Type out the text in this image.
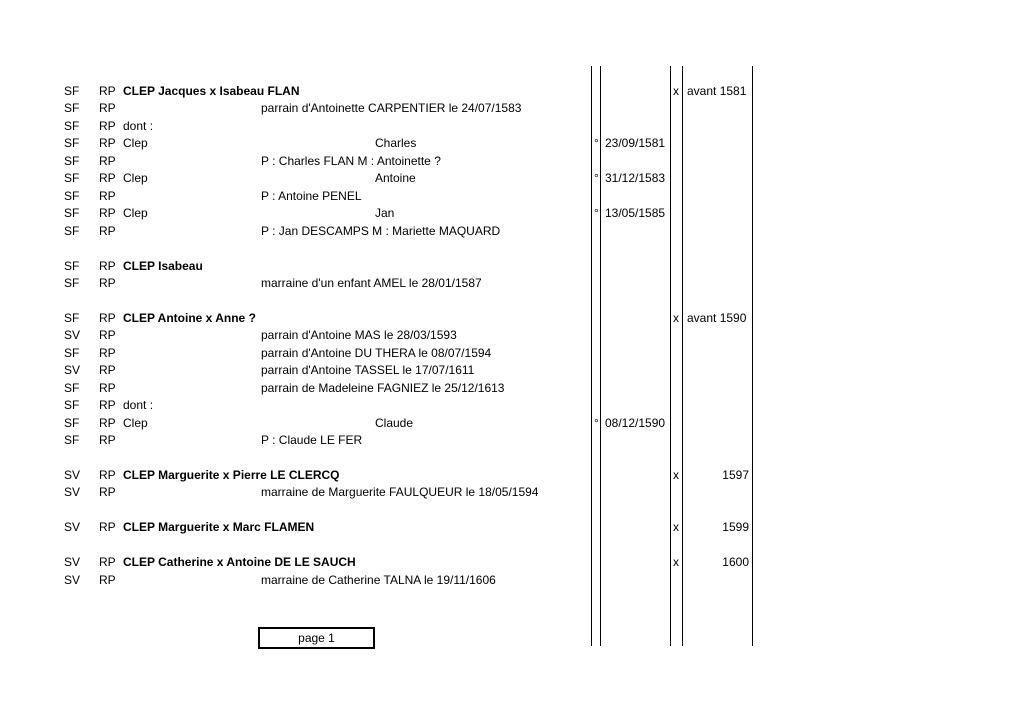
SF RP CLEP Jacques x Isabeau FLAN	x avant 1581
SF RP	parrain d'Antoinette CARPENTIER le 24/07/1583
SF RP dont :
SF RP Clep	Charles	° 23/09/1581
SF RP	P : Charles FLAN M : Antoinette ?
SF RP Clep	Antoine	° 31/12/1583
SF RP	P : Antoine PENEL
SF RP Clep	Jan	° 13/05/1585
SF RP	P : Jan DESCAMPS M : Mariette MAQUARD
SF RP CLEP Isabeau
SF RP	marraine d'un enfant AMEL le 28/01/1587
SF RP CLEP Antoine x Anne ?	x avant 1590
SV RP	parrain d'Antoine MAS le 28/03/1593
SF RP	parrain d'Antoine DU THERA le 08/07/1594
SV RP	parrain d'Antoine TASSEL le 17/07/1611
SF RP	parrain de Madeleine FAGNIEZ le 25/12/1613
SF RP dont :
SF RP Clep	Claude	° 08/12/1590
SF RP	P : Claude LE FER
SV RP CLEP Marguerite x Pierre LE CLERCQ	x	1597
SV RP	marraine de Marguerite FAULQUEUR le 18/05/1594
SV RP CLEP Marguerite x Marc FLAMEN	x	1599
SV RP CLEP Catherine x Antoine DE LE SAUCH	x	1600
SV RP	marraine de Catherine TALNA le 19/11/1606
page 1
